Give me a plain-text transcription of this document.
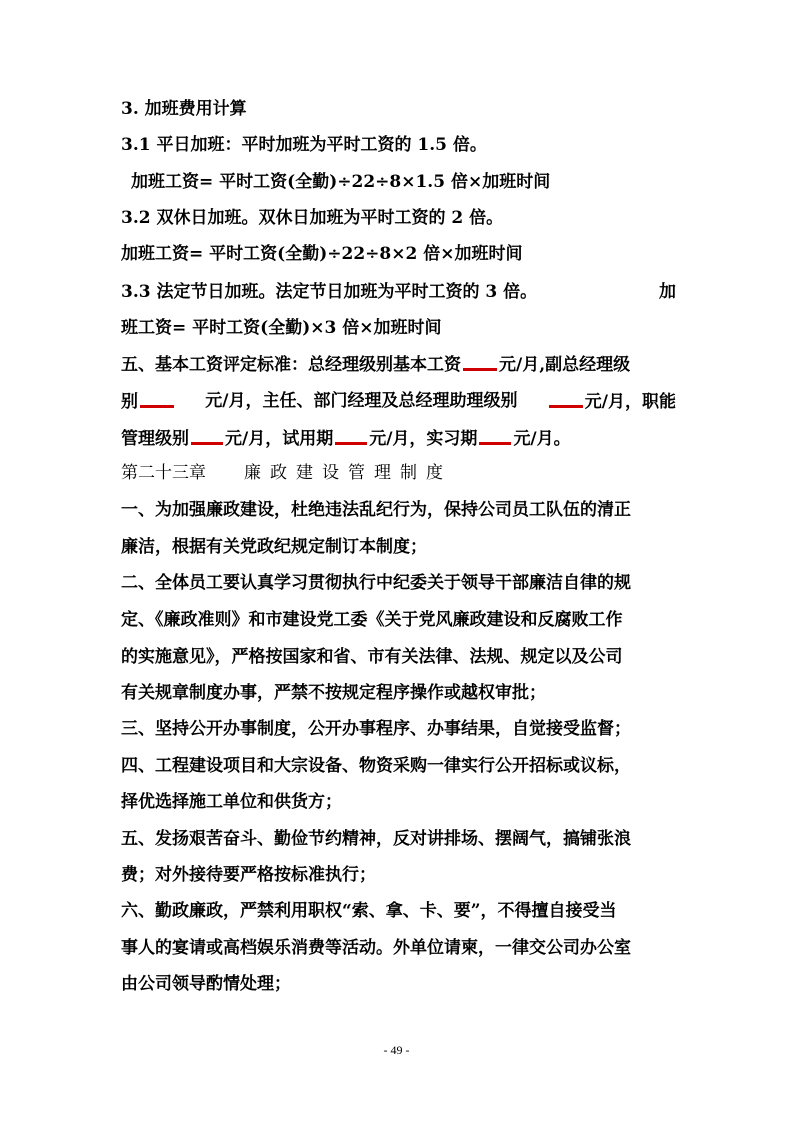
3. 加班费用计算
3.1 平日加班：平时加班为平时工资的 1.5 倍。
加班工资= 平时工资(全勤)÷22÷8×1.5 倍×加班时间
3.2 双休日加班。双休日加班为平时工资的 2 倍。
加班工资= 平时工资(全勤)÷22÷8×2 倍×加班时间
3.3 法定节日加班。法定节日加班为平时工资的 3 倍。	加
班工资= 平时工资(全勤)×3 倍×加班时间
五、基本工资评定标准：总经理级别基本工资 元/月,副总经理级
别	元/月，主任、部门经理及总经理助理级别	元/月，职能
管理级别 元/月，试用期 元/月，实习期 元/月。
第二十三章 廉政建设管理制度
一、为加强廉政建设，杜绝违法乱纪行为，保持公司员工队伍的清正
廉洁，根据有关党政纪规定制订本制度；
二、全体员工要认真学习贯彻执行中纪委关于领导干部廉洁自律的规
定、《廉政准则》和市建设党工委《关于党风廉政建设和反腐败工作
的实施意见》，严格按国家和省、市有关法律、法规、规定以及公司
有关规章制度办事，严禁不按规定程序操作或越权审批；
三、坚持公开办事制度，公开办事程序、办事结果，自觉接受监督；
四、工程建设项目和大宗设备、物资采购一律实行公开招标或议标，
择优选择施工单位和供货方；
五、发扬艰苦奋斗、勤俭节约精神，反对讲排场、摆阔气，搞铺张浪
费；对外接待要严格按标准执行；
六、勤政廉政，严禁利用职权“索、拿、卡、要”，不得擅自接受当
事人的宴请或高档娱乐消费等活动。外单位请柬，一律交公司办公室
由公司领导酌情处理；
- 49 -
